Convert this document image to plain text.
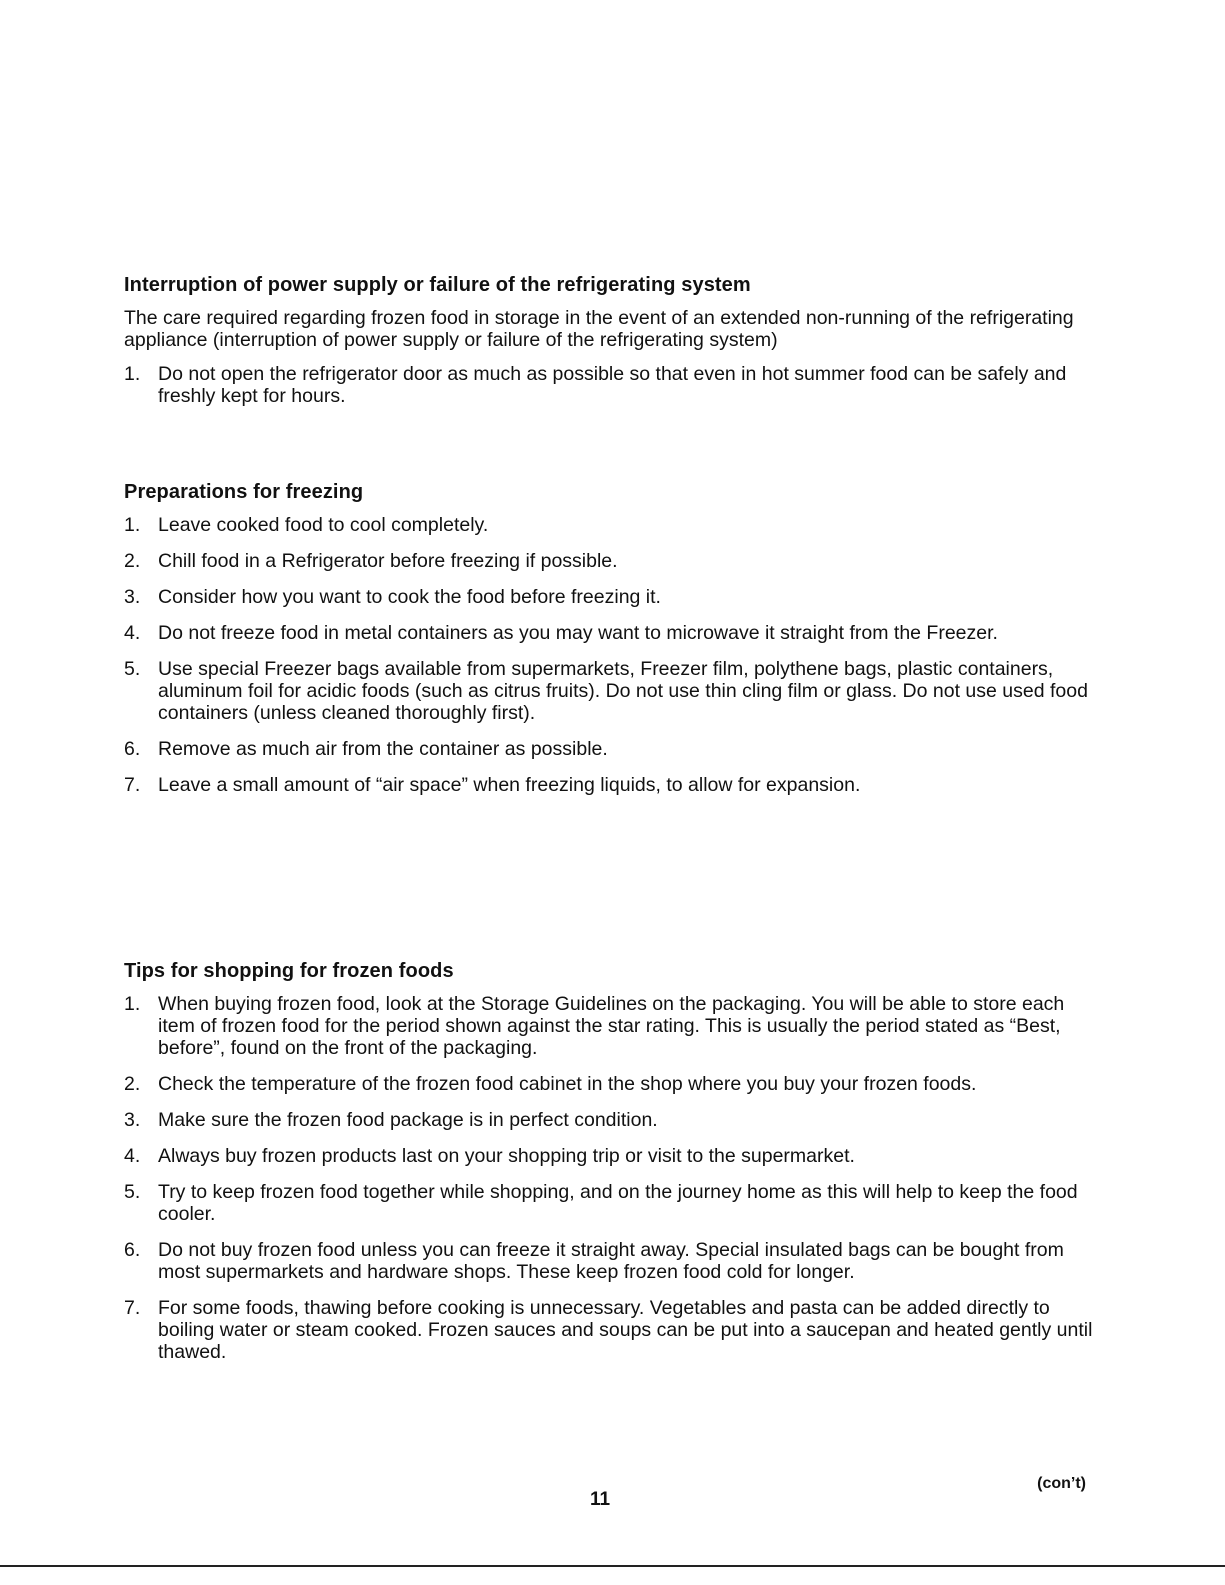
Interruption of power supply or failure of the refrigerating system

The care required regarding frozen food in storage in the event of an extended non-running of the refrigerating appliance (interruption of power supply or failure of the refrigerating system)

1. Do not open the refrigerator door as much as possible so that even in hot summer food can be safely and freshly kept for hours.
Preparations for freezing
1. Leave cooked food to cool completely.
2. Chill food in a Refrigerator before freezing if possible.
3. Consider how you want to cook the food before freezing it.
4. Do not freeze food in metal containers as you may want to microwave it straight from the Freezer.
5. Use special Freezer bags available from supermarkets, Freezer film, polythene bags, plastic containers, aluminum foil for acidic foods (such as citrus fruits). Do not use thin cling film or glass. Do not use used food containers (unless cleaned thoroughly first).
6. Remove as much air from the container as possible.
7. Leave a small amount of “air space” when freezing liquids, to allow for expansion.
Tips for shopping for frozen foods
1. When buying frozen food, look at the Storage Guidelines on the packaging. You will be able to store each item of frozen food for the period shown against the star rating. This is usually the period stated as “Best, before”, found on the front of the packaging.
2. Check the temperature of the frozen food cabinet in the shop where you buy your frozen foods.
3. Make sure the frozen food package is in perfect condition.
4. Always buy frozen products last on your shopping trip or visit to the supermarket.
5. Try to keep frozen food together while shopping, and on the journey home as this will help to keep the food cooler.
6. Do not buy frozen food unless you can freeze it straight away. Special insulated bags can be bought from most supermarkets and hardware shops. These keep frozen food cold for longer.
7. For some foods, thawing before cooking is unnecessary. Vegetables and pasta can be added directly to boiling water or steam cooked. Frozen sauces and soups can be put into a saucepan and heated gently until thawed.
(con’t)
11
